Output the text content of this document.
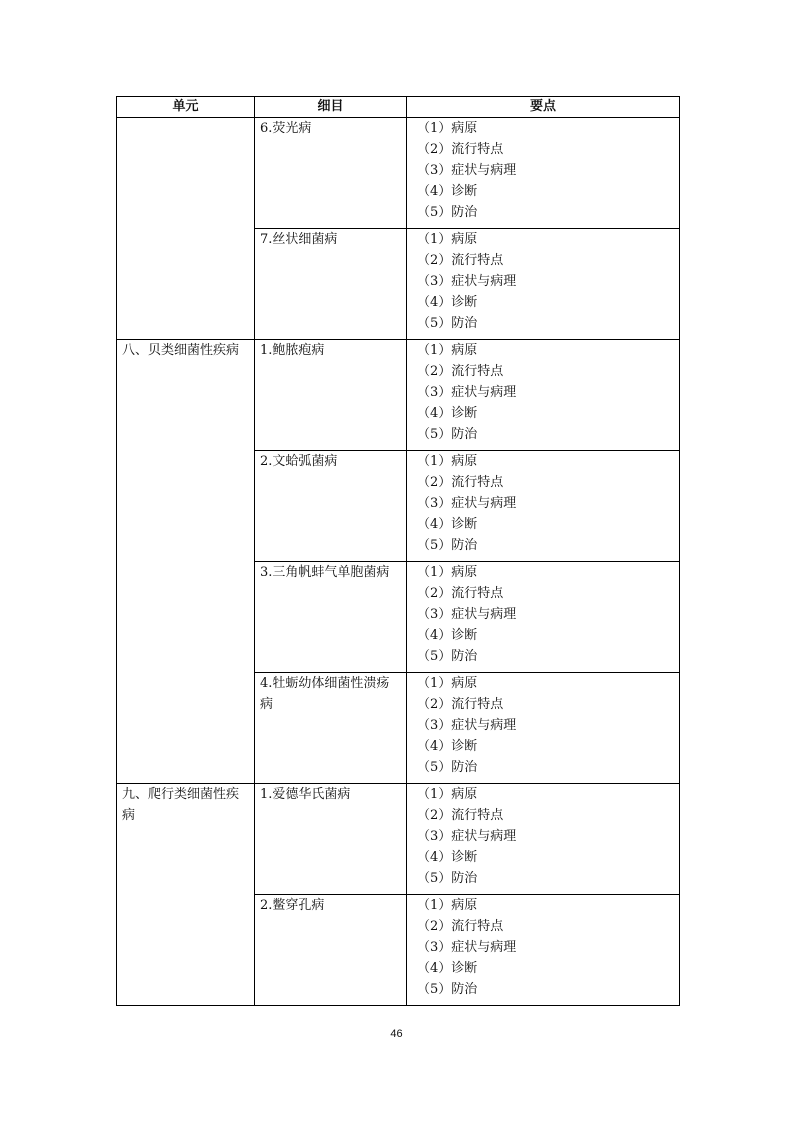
单元	细目	要点
	6.荧光病	（1）病原
（2）流行特点
（3）症状与病理
（4）诊断
（5）防治

	7.丝状细菌病	（1）病原
（2）流行特点
（3）症状与病理
（4）诊断
（5）防治

八、贝类细菌性疾病	1.鲍脓疱病	（1）病原
（2）流行特点
（3）症状与病理
（4）诊断
（5）防治

	2.文蛤弧菌病	（1）病原
（2）流行特点
（3）症状与病理
（4）诊断
（5）防治

	3.三角帆蚌气单胞菌病	（1）病原
（2）流行特点
（3）症状与病理
（4）诊断
（5）防治

	4.牡蛎幼体细菌性溃疡病	（1）病原
（2）流行特点
（3）症状与病理
（4）诊断
（5）防治

九、爬行类细菌性疾病	1.爱德华氏菌病	（1）病原
（2）流行特点
（3）症状与病理
（4）诊断
（5）防治

	2.鳖穿孔病	（1）病原
（2）流行特点
（3）症状与病理
（4）诊断
（5）防治
46
